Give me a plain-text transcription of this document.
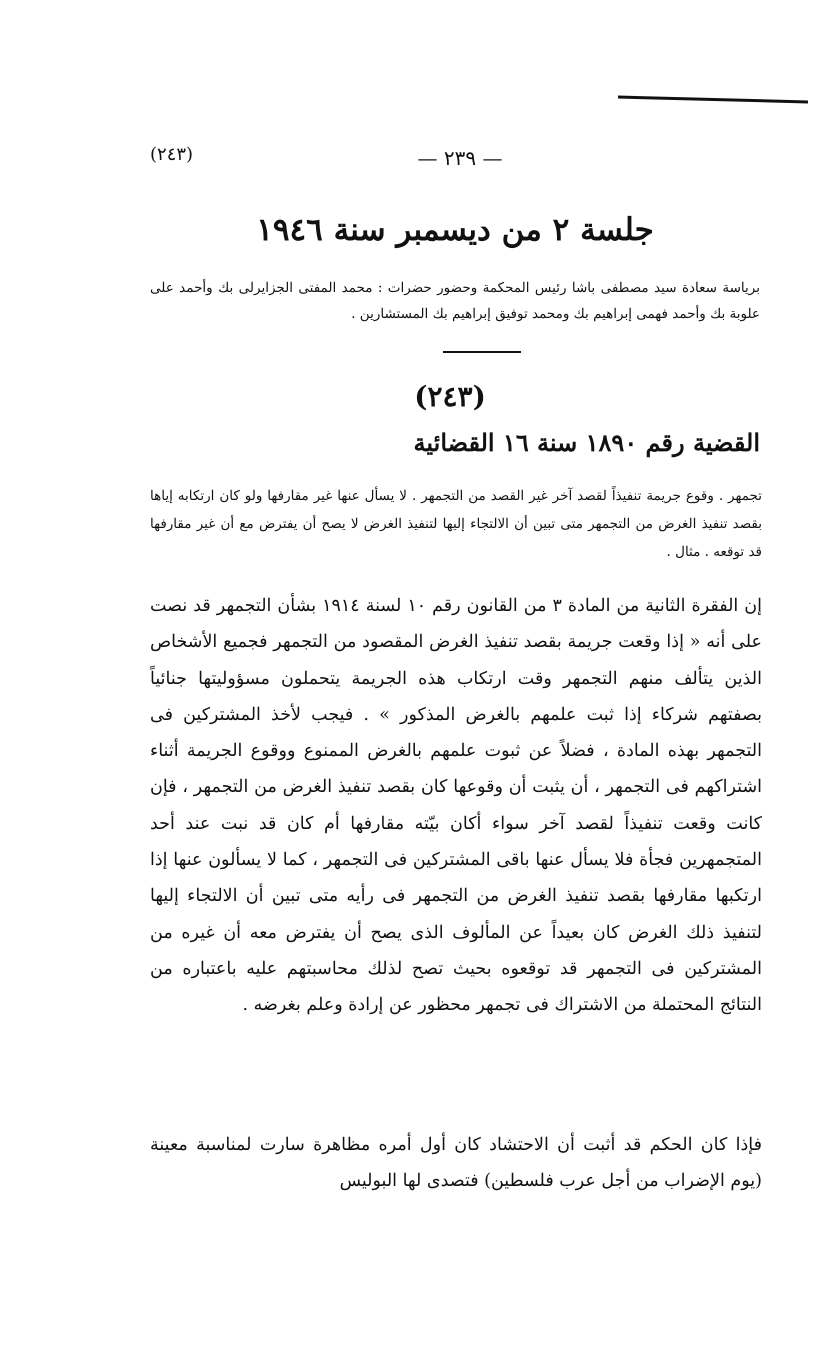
(٢٤٣)	— ٢٣٩ —
جلسة ٢ من ديسمبر سنة ١٩٤٦
برياسة سعادة سيد مصطفى باشا رئيس المحكمة وحضور حضرات : محمد المفتى الجزايرلى بك وأحمد على علوبة بك وأحمد فهمى إبراهيم بك ومحمد توفيق إبراهيم بك المستشارين .
(٢٤٣)
القضية رقم ١٨٩٠ سنة ١٦ القضائية
تجمهر . وقوع جريمة تنفيذاً لقصد آخر غير القصد من التجمهر . لا يسأل عنها غير مقارفها ولو كان ارتكابه إياها بقصد تنفيذ الغرض من التجمهر متى تبين أن الالتجاء إليها لتنفيذ الغرض لا يصح أن يفترض مع أن غير مقارفها قد توقعه . مثال .
إن الفقرة الثانية من المادة ٣ من القانون رقم ١٠ لسنة ١٩١٤ بشأن التجمهر قد نصت على أنه « إذا وقعت جريمة بقصد تنفيذ الغرض المقصود من التجمهر فجميع الأشخاص الذين يتألف منهم التجمهر وقت ارتكاب هذه الجريمة يتحملون مسؤوليتها جنائياً بصفتهم شركاء إذا ثبت علمهم بالغرض المذكور » . فيجب لأخذ المشتركين فى التجمهر بهذه المادة ، فضلاً عن ثبوت علمهم بالغرض الممنوع ووقوع الجريمة أثناء اشتراكهم فى التجمهر ، أن يثبت أن وقوعها كان بقصد تنفيذ الغرض من التجمهر ، فإن كانت وقعت تنفيذاً لقصد آخر سواء أكان بيّته مقارفها أم كان قد نبت عند أحد المتجمهرين فجأة فلا يسأل عنها باقى المشتركين فى التجمهر ، كما لا يسألون عنها إذا ارتكبها مقارفها بقصد تنفيذ الغرض من التجمهر فى رأيه متى تبين أن الالتجاء إليها لتنفيذ ذلك الغرض كان بعيداً عن المألوف الذى يصح أن يفترض معه أن غيره من المشتركين فى التجمهر قد توقعوه بحيث تصح لذلك محاسبتهم عليه باعتباره من النتائج المحتملة من الاشتراك فى تجمهر محظور عن إرادة وعلم بغرضه .
فإذا كان الحكم قد أثبت أن الاحتشاد كان أول أمره مظاهرة سارت لمناسبة معينة (يوم الإضراب من أجل عرب فلسطين) فتصدى لها البوليس
